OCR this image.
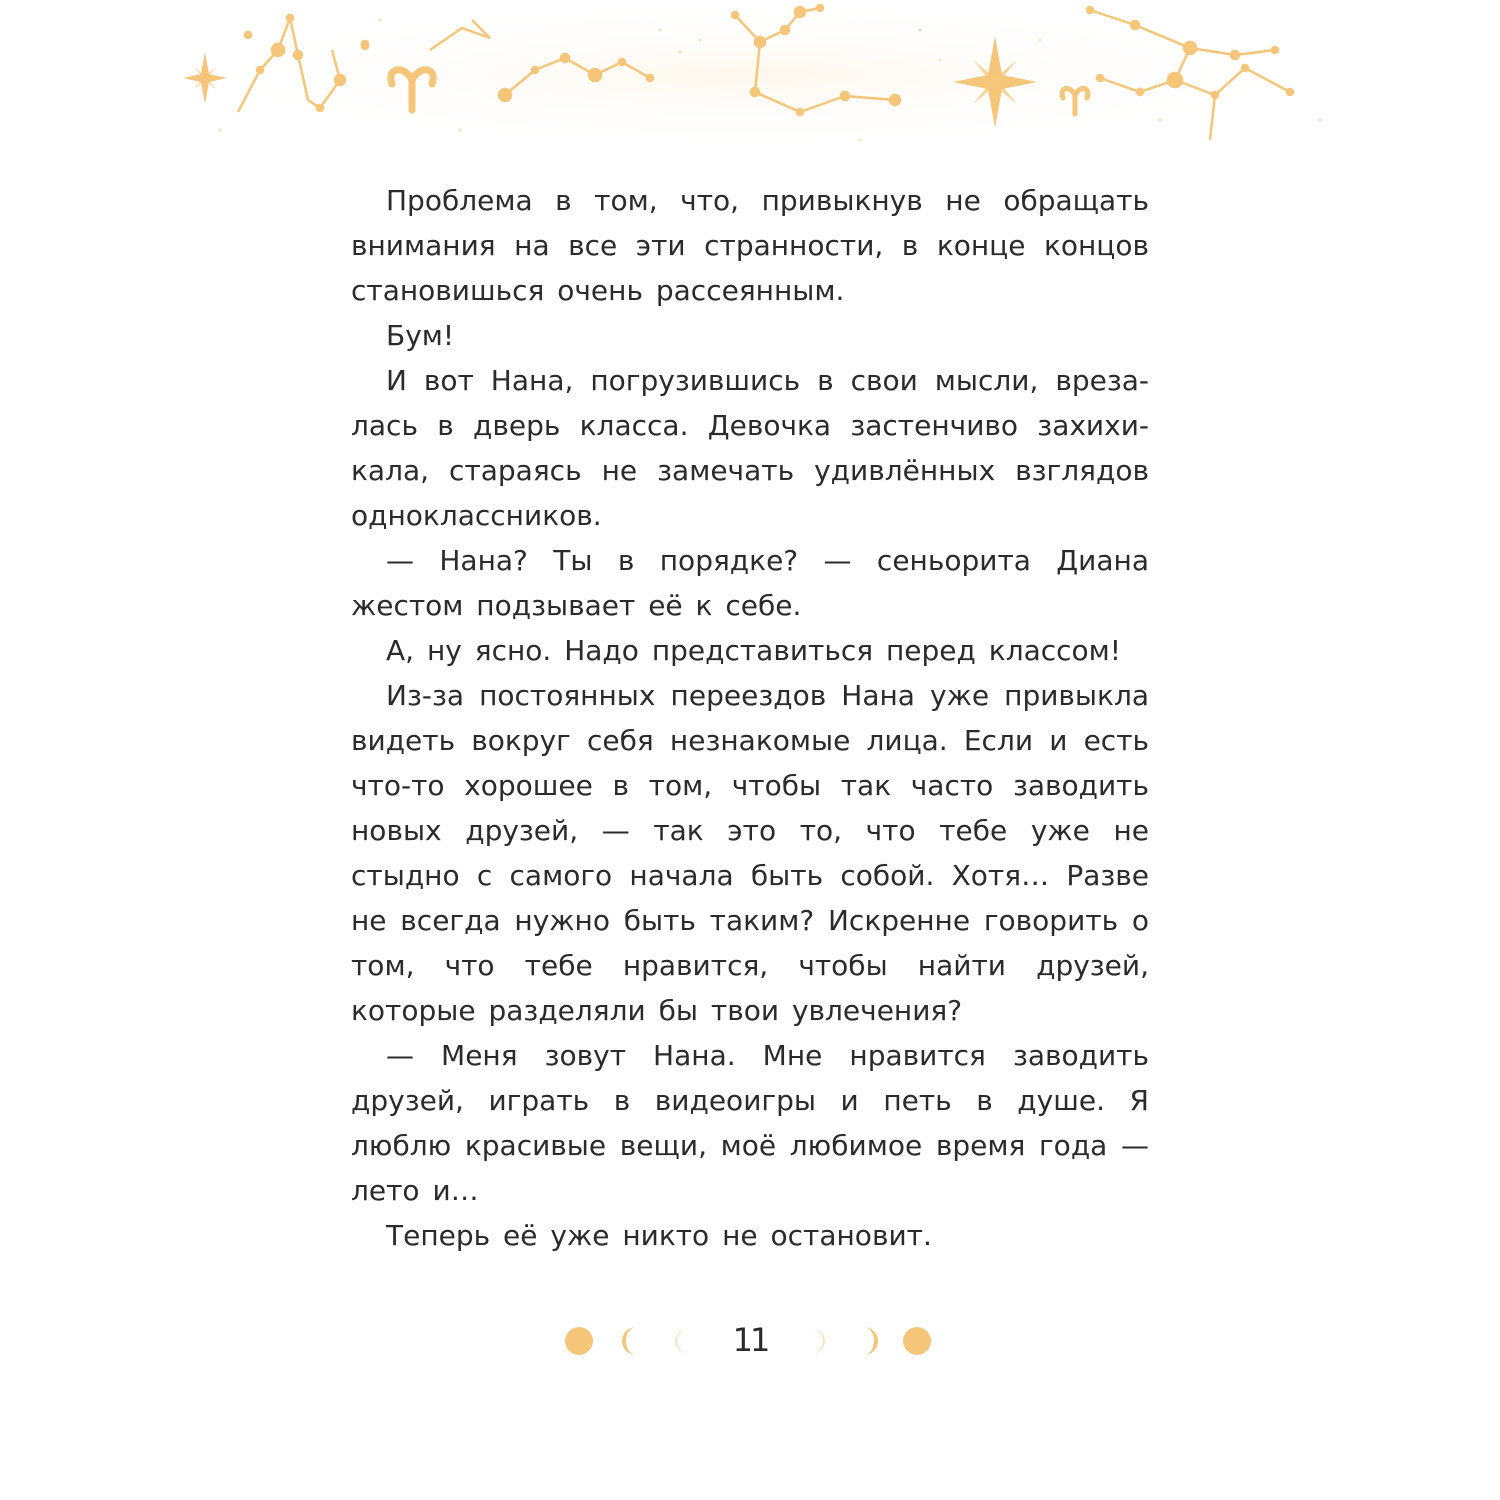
Проблема в том, что, привыкнув не обращать внимания на все эти странности, в конце концов становишься очень рассеянным.

Бум!

И вот Нана, погрузившись в свои мысли, врезалась в дверь класса. Девочка застенчиво захихикала, стараясь не замечать удивлённых взглядов одноклассников.

— Нана? Ты в порядке? — сеньорита Диана жестом подзывает её к себе.

А, ну ясно. Надо представиться перед классом!

Из-за постоянных переездов Нана уже привыкла видеть вокруг себя незнакомые лица. Если и есть что-то хорошее в том, чтобы так часто заводить новых друзей, — так это то, что тебе уже не стыдно с самого начала быть собой. Хотя… Разве не всегда нужно быть таким? Искренне говорить о том, что тебе нравится, чтобы найти друзей, которые разделяли бы твои увлечения?

— Меня зовут Нана. Мне нравится заводить друзей, играть в видеоигры и петь в душе. Я люблю красивые вещи, моё любимое время года — лето и…

Теперь её уже никто не остановит.

11
